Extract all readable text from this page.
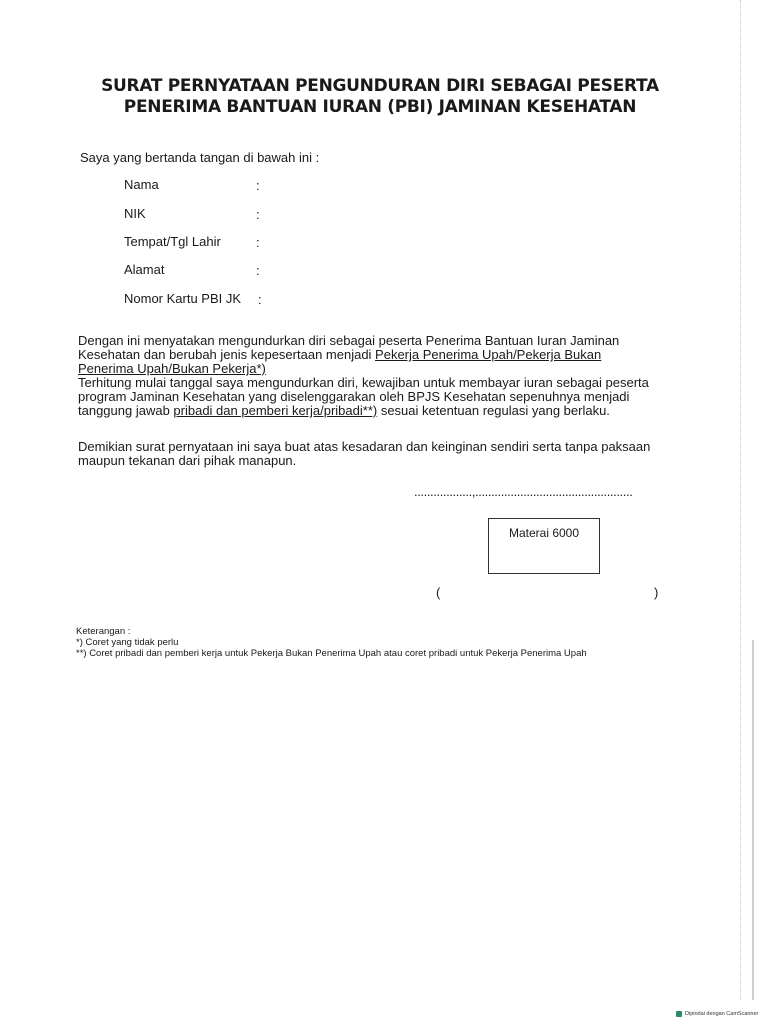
SURAT PERNYATAAN PENGUNDURAN DIRI SEBAGAI PESERTA
PENERIMA BANTUAN IURAN (PBI) JAMINAN KESEHATAN
Saya yang bertanda tangan di bawah ini :
Nama	:
NIK	:
Tempat/Tgl Lahir	:
Alamat	:
Nomor Kartu PBI JK :
Dengan ini menyatakan mengundurkan diri sebagai peserta Penerima Bantuan Iuran Jaminan
Kesehatan dan berubah jenis kepesertaan menjadi Pekerja Penerima Upah/Pekerja Bukan
Penerima Upah/Bukan Pekerja*)
Terhitung mulai tanggal saya mengundurkan diri, kewajiban untuk membayar iuran sebagai peserta
program Jaminan Kesehatan yang diselenggarakan oleh BPJS Kesehatan sepenuhnya menjadi
tanggung jawab pribadi dan pemberi kerja/pribadi**) sesuai ketentuan regulasi yang berlaku.
Demikian surat pernyataan ini saya buat atas kesadaran dan keinginan sendiri serta tanpa paksaan
maupun tekanan dari pihak manapun.
..................,.................................................
Materai 6000
(	)
Keterangan :
*) Coret yang tidak perlu
**) Coret pribadi dan pemberi kerja untuk Pekerja Bukan Penerima Upah atau coret pribadi untuk Pekerja Penerima Upah
Dipindai dengan CamScanner
